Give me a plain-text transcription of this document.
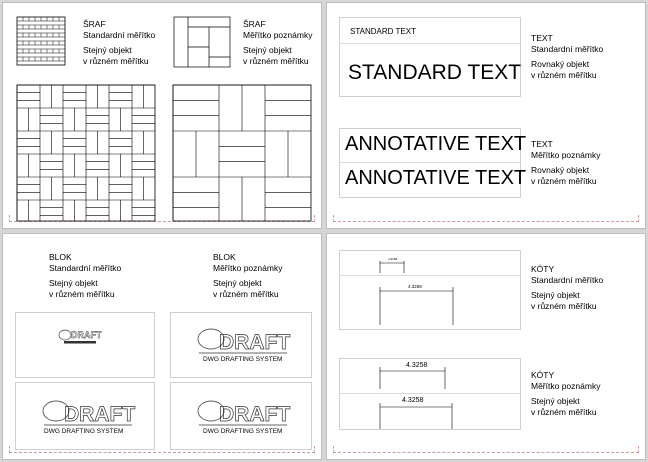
ŠRAF
Standardní měřítko
Stejný objekt
v různém měřítku
ŠRAF
Měřítko poznámky
Stejný objekt
v různém měřítku
STANDARD TEXT
STANDARD TEXT
TEXT
Standardní měřítko
Rovnaký objekt
v různém měřítku
ANNOTATIVE TEXT
ANNOTATIVE TEXT
TEXT
Měřítko poznámky
Rovnaký objekt
v různém měřítku
BLOK
Standardní měřítko
Stejný objekt
v různém měřítku
BLOK
Měřítko poznámky
Stejný objekt
v různém měřítku
DRAFT
DRAFT
DWG DRAFTING SYSTEM
DRAFT
DWG DRAFTING SYSTEM
DRAFT
DWG DRAFTING SYSTEM
4.3258
4.3258
KÓTY
Standardní měřítko
Stejný objekt
v různém měřítku
4.3258
4.3258
KÓTY
Měřítko poznámky
Stejný objekt
v různém měřítku
